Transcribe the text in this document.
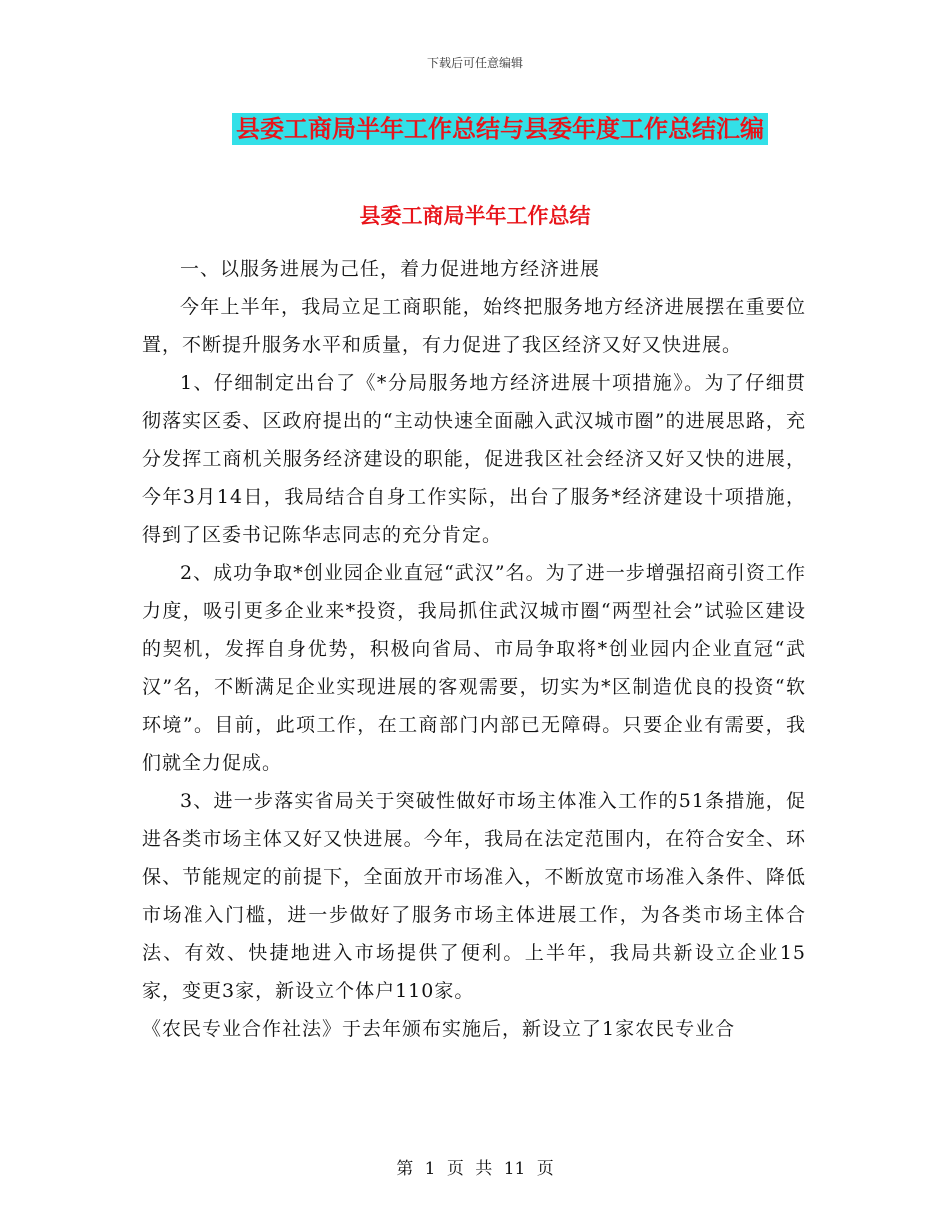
下载后可任意编辑
县委工商局半年工作总结与县委年度工作总结汇编
县委工商局半年工作总结

一、以服务进展为己任，着力促进地方经济进展

今年上半年，我局立足工商职能，始终把服务地方经济进展摆在重要位置，不断提升服务水平和质量，有力促进了我区经济又好又快进展。

1、仔细制定出台了《*分局服务地方经济进展十项措施》。为了仔细贯彻落实区委、区政府提出的“主动快速全面融入武汉城市圈”的进展思路，充分发挥工商机关服务经济建设的职能，促进我区社会经济又好又快的进展，今年3月14日，我局结合自身工作实际，出台了服务*经济建设十项措施，得到了区委书记陈华志同志的充分肯定。

2、成功争取*创业园企业直冠“武汉”名。为了进一步增强招商引资工作力度，吸引更多企业来*投资，我局抓住武汉城市圈“两型社会”试验区建设的契机，发挥自身优势，积极向省局、市局争取将*创业园内企业直冠“武汉”名，不断满足企业实现进展的客观需要，切实为*区制造优良的投资“软环境”。目前，此项工作，在工商部门内部已无障碍。只要企业有需要，我们就全力促成。

3、进一步落实省局关于突破性做好市场主体准入工作的51条措施，促进各类市场主体又好又快进展。今年，我局在法定范围内，在符合安全、环保、节能规定的前提下，全面放开市场准入，不断放宽市场准入条件、降低市场准入门槛，进一步做好了服务市场主体进展工作，为各类市场主体合法、有效、快捷地进入市场提供了便利。上半年，我局共新设立企业15家，变更3家，新设立个体户110家。

《农民专业合作社法》于去年颁布实施后，新设立了1家农民专业合

第 1 页 共 11 页
